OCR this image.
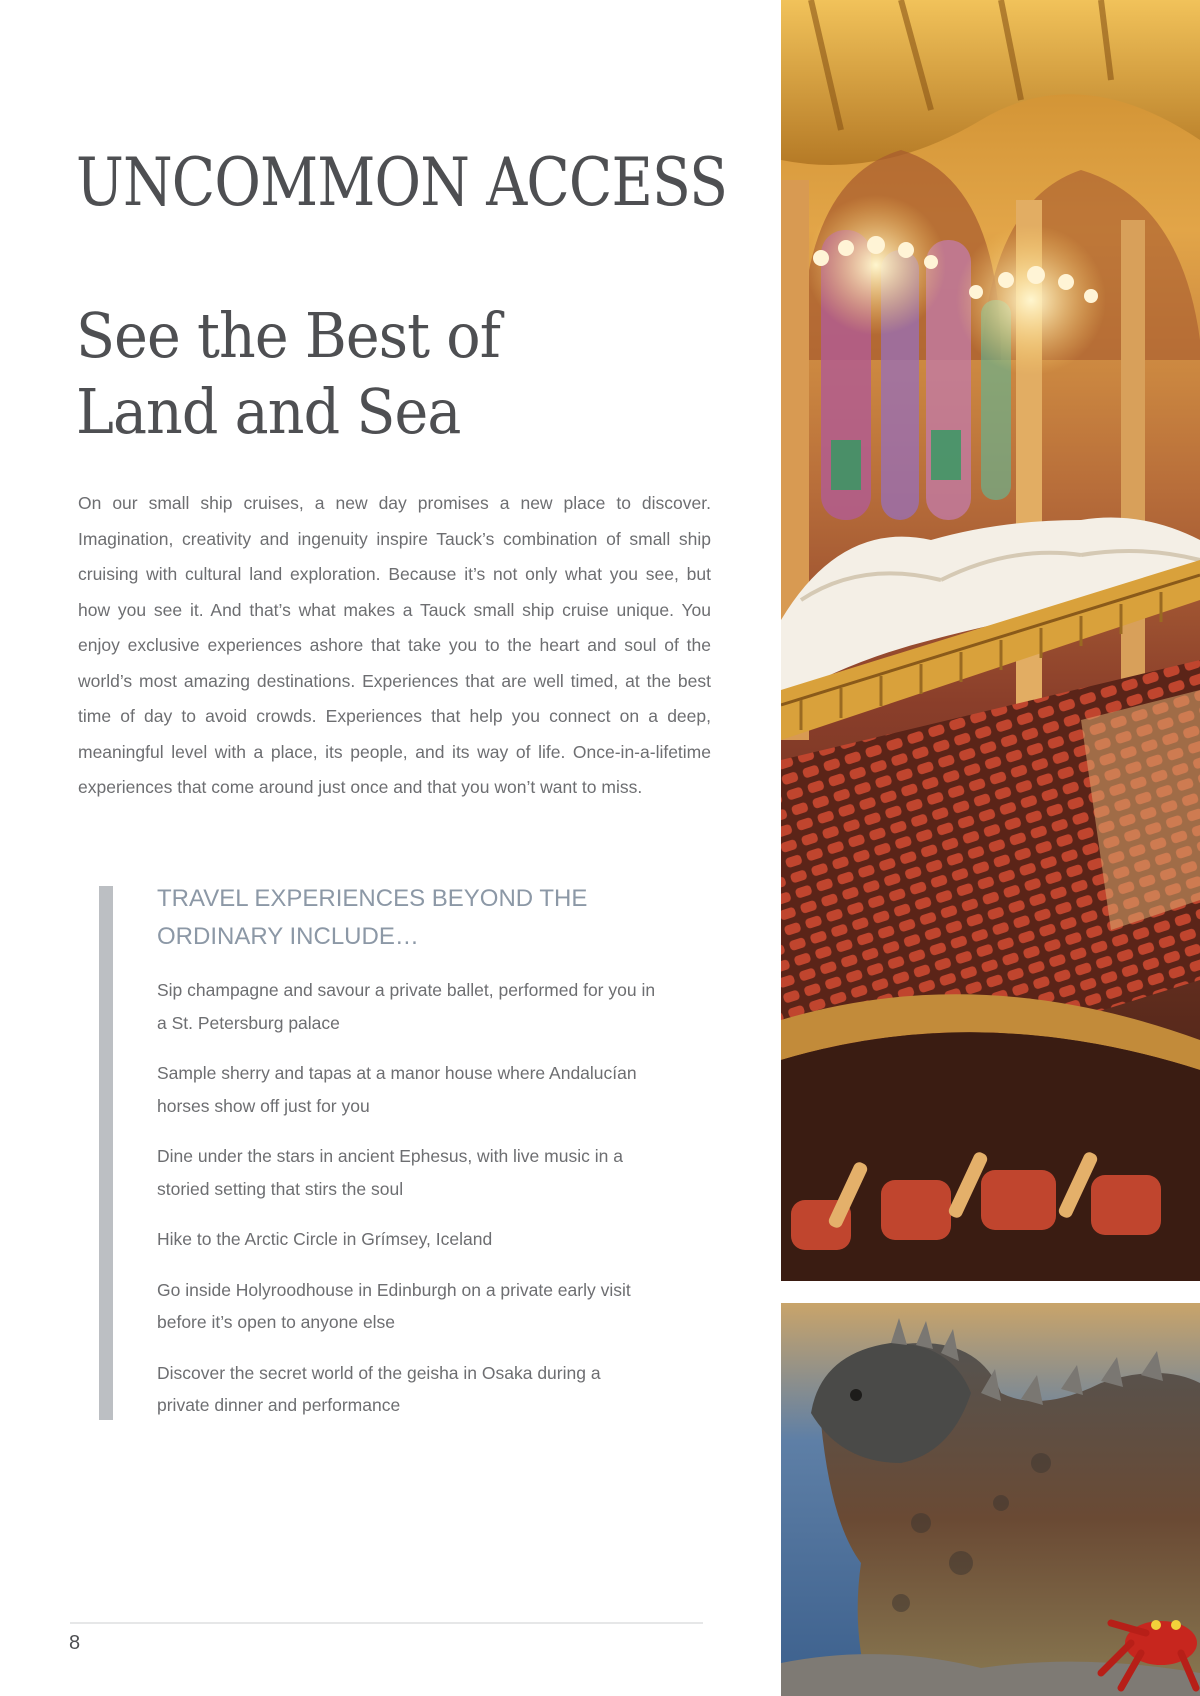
UNCOMMON ACCESS
See the Best of
Land and Sea

On our small ship cruises, a new day promises a new place to discover. Imagination, creativity and ingenuity inspire Tauck’s combination of small ship cruising with cultural land exploration. Because it’s not only what you see, but how you see it. And that’s what makes a Tauck small ship cruise unique. You enjoy exclusive experiences ashore that take you to the heart and soul of the world’s most amazing destinations. Experiences that are well timed, at the best time of day to avoid crowds. Experiences that help you connect on a deep, meaningful level with a place, its people, and its way of life. Once-in-a-lifetime experiences that come around just once and that you won’t want to miss.

TRAVEL EXPERIENCES BEYOND THE ORDINARY INCLUDE…
Sip champagne and savour a private ballet, performed for you in a St. Petersburg palace
Sample sherry and tapas at a manor house where Andalucían horses show off just for you
Dine under the stars in ancient Ephesus, with live music in a storied setting that stirs the soul
Hike to the Arctic Circle in Grímsey, Iceland
Go inside Holyroodhouse in Edinburgh on a private early visit before it’s open to anyone else
Discover the secret world of the geisha in Osaka during a private dinner and performance
8
